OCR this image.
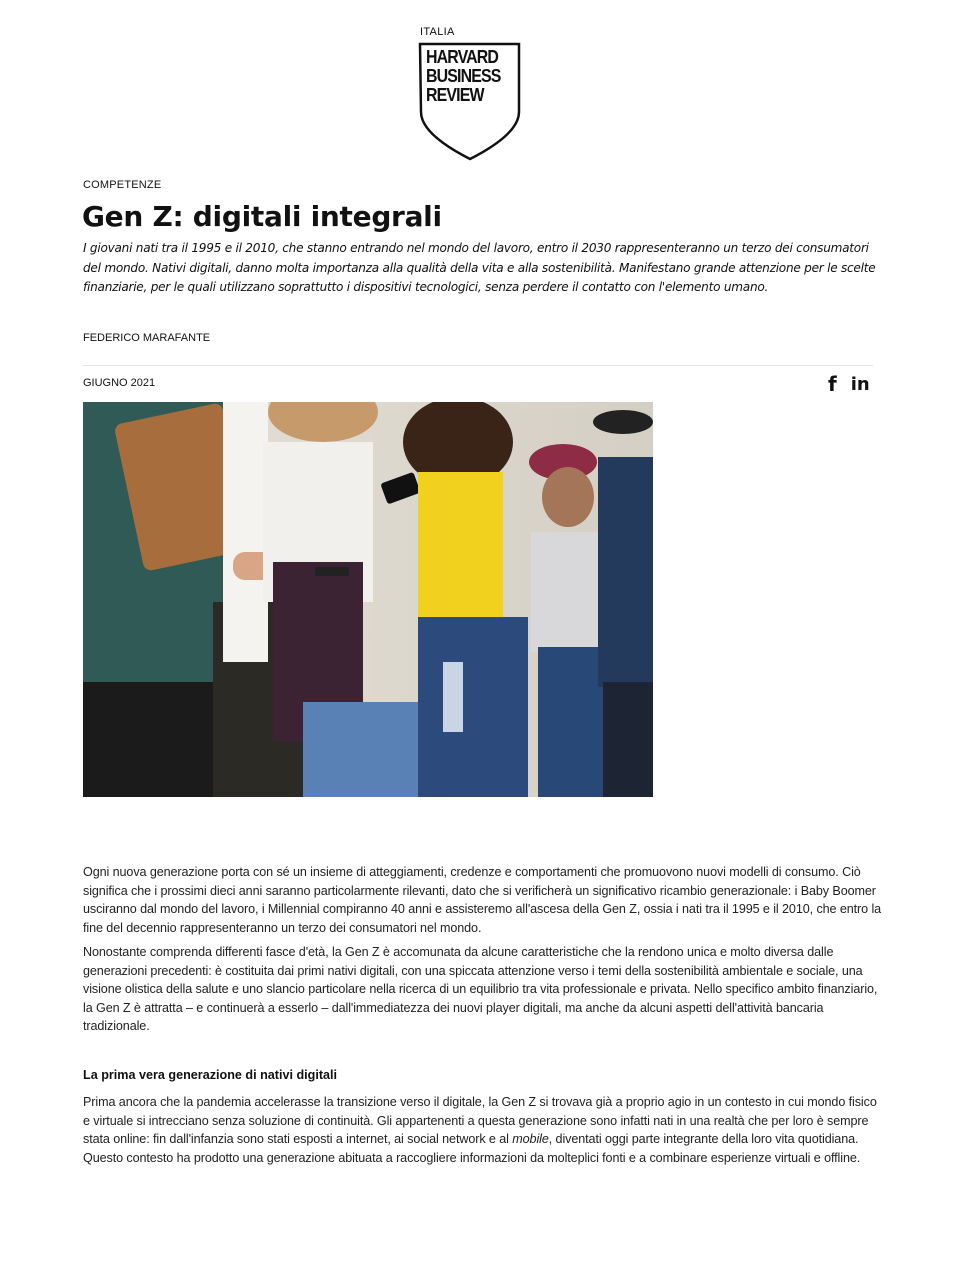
ITALIA
HARVARD
BUSINESS
REVIEW
COMPETENZE
Gen Z: digitali integrali

I giovani nati tra il 1995 e il 2010, che stanno entrando nel mondo del lavoro, entro il 2030 rappresenteranno un terzo dei consumatori del mondo. Nativi digitali, danno molta importanza alla qualità della vita e alla sostenibilità. Manifestano grande attenzione per le scelte finanziarie, per le quali utilizzano soprattutto i dispositivi tecnologici, senza perdere il contatto con l'elemento umano.

FEDERICO MARAFANTE
GIUGNO 2021	f in

Ogni nuova generazione porta con sé un insieme di atteggiamenti, credenze e comportamenti che promuovono nuovi modelli di consumo. Ciò significa che i prossimi dieci anni saranno particolarmente rilevanti, dato che si verificherà un significativo ricambio generazionale: i Baby Boomer usciranno dal mondo del lavoro, i Millennial compiranno 40 anni e assisteremo all'ascesa della Gen Z, ossia i nati tra il 1995 e il 2010, che entro la fine del decennio rappresenteranno un terzo dei consumatori nel mondo.

Nonostante comprenda differenti fasce d'età, la Gen Z è accomunata da alcune caratteristiche che la rendono unica e molto diversa dalle generazioni precedenti: è costituita dai primi nativi digitali, con una spiccata attenzione verso i temi della sostenibilità ambientale e sociale, una visione olistica della salute e uno slancio particolare nella ricerca di un equilibrio tra vita professionale e privata. Nello specifico ambito finanziario, la Gen Z è attratta – e continuerà a esserlo – dall'immediatezza dei nuovi player digitali, ma anche da alcuni aspetti dell'attività bancaria tradizionale.

La prima vera generazione di nativi digitali

Prima ancora che la pandemia accelerasse la transizione verso il digitale, la Gen Z si trovava già a proprio agio in un contesto in cui mondo fisico e virtuale si intrecciano senza soluzione di continuità. Gli appartenenti a questa generazione sono infatti nati in una realtà che per loro è sempre stata online: fin dall'infanzia sono stati esposti a internet, ai social network e al mobile, diventati oggi parte integrante della loro vita quotidiana. Questo contesto ha prodotto una generazione abituata a raccogliere informazioni da molteplici fonti e a combinare esperienze virtuali e offline.
